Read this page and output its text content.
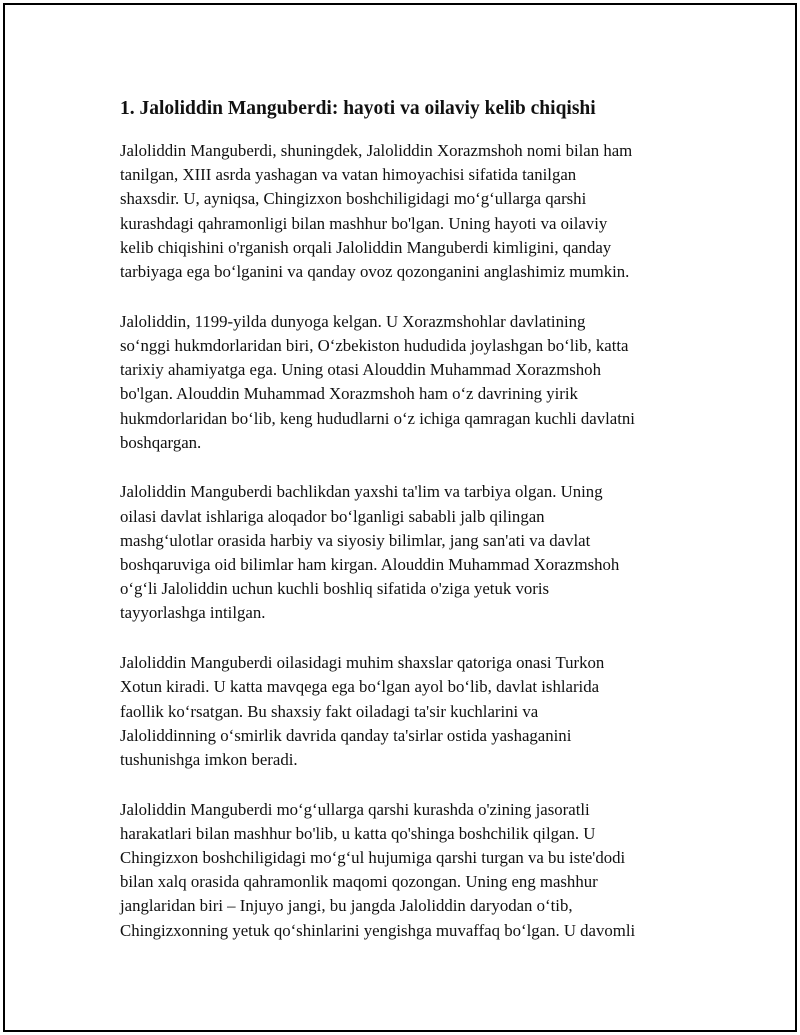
1. Jaloliddin Manguberdi: hayoti va oilaviy kelib chiqishi

Jaloliddin Manguberdi, shuningdek, Jaloliddin Xorazmshoh nomi bilan ham
tanilgan, XIII asrda yashagan va vatan himoyachisi sifatida tanilgan
shaxsdir. U, ayniqsa, Chingizxon boshchiligidagi mo‘g‘ullarga qarshi
kurashdagi qahramonligi bilan mashhur bo'lgan. Uning hayoti va oilaviy
kelib chiqishini o'rganish orqali Jaloliddin Manguberdi kimligini, qanday
tarbiyaga ega bo‘lganini va qanday ovoz qozonganini anglashimiz mumkin.

Jaloliddin, 1199-yilda dunyoga kelgan. U Xorazmshohlar davlatining
so‘nggi hukmdorlaridan biri, O‘zbekiston hududida joylashgan bo‘lib, katta
tarixiy ahamiyatga ega. Uning otasi Alouddin Muhammad Xorazmshoh
bo'lgan. Alouddin Muhammad Xorazmshoh ham o‘z davrining yirik
hukmdorlaridan bo‘lib, keng hududlarni o‘z ichiga qamragan kuchli davlatni
boshqargan.

Jaloliddin Manguberdi bachlikdan yaxshi ta'lim va tarbiya olgan. Uning
oilasi davlat ishlariga aloqador bo‘lganligi sababli jalb qilingan
mashg‘ulotlar orasida harbiy va siyosiy bilimlar, jang san'ati va davlat
boshqaruviga oid bilimlar ham kirgan. Alouddin Muhammad Xorazmshoh
o‘g‘li Jaloliddin uchun kuchli boshliq sifatida o'ziga yetuk voris
tayyorlashga intilgan.

Jaloliddin Manguberdi oilasidagi muhim shaxslar qatoriga onasi Turkon
Xotun kiradi. U katta mavqega ega bo‘lgan ayol bo‘lib, davlat ishlarida
faollik ko‘rsatgan. Bu shaxsiy fakt oiladagi ta'sir kuchlarini va
Jaloliddinning o‘smirlik davrida qanday ta'sirlar ostida yashaganini
tushunishga imkon beradi.

Jaloliddin Manguberdi mo‘g‘ullarga qarshi kurashda o'zining jasoratli
harakatlari bilan mashhur bo'lib, u katta qo'shinga boshchilik qilgan. U
Chingizxon boshchiligidagi mo‘g‘ul hujumiga qarshi turgan va bu iste'dodi
bilan xalq orasida qahramonlik maqomi qozongan. Uning eng mashhur
janglaridan biri – Injuyo jangi, bu jangda Jaloliddin daryodan o‘tib,
Chingizxonning yetuk qo‘shinlarini yengishga muvaffaq bo‘lgan. U davomli
